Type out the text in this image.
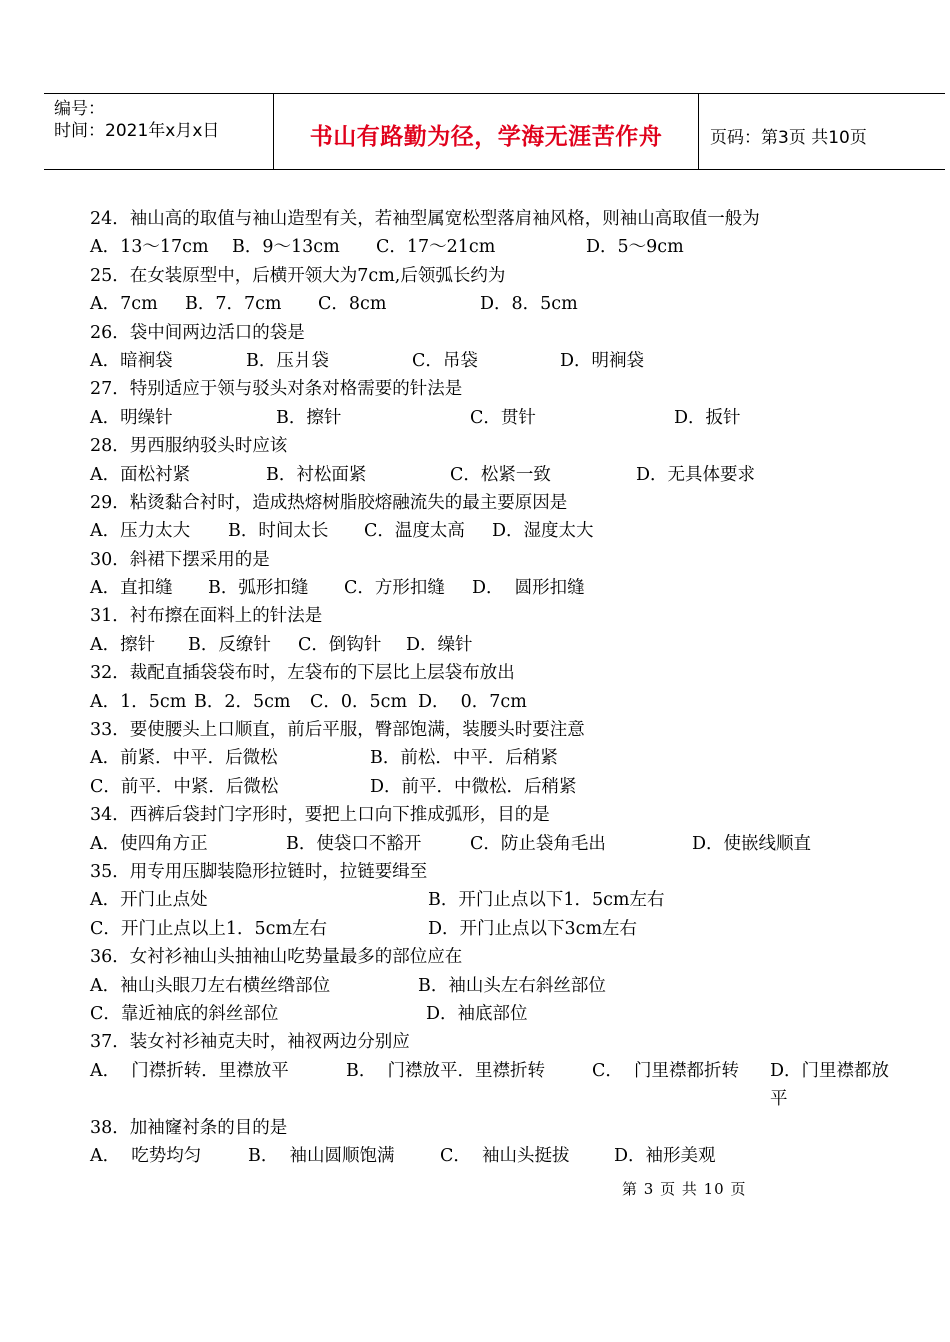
编号：
时间：2021年x月x日	书山有路勤为径，学海无涯苦作舟	页码：第3页 共10页
24．袖山高的取值与袖山造型有关，若袖型属宽松型落肩袖风格，则袖山高取值一般为

A．13～17cm

B．9～13cm

C．17～21cm

	D．5～9cm

25．在女装原型中，后横开领大为7cm,后领弧长约为

A．7cm

B．7．7cm

C．8cm

	D．8．5cm

26．袋中间两边活口的袋是

A．暗裥袋

	B．压爿袋

	C．吊袋

	D．明裥袋

27．特别适应于领与驳头对条对格需要的针法是

A．明缲针

	B．擦针

	C．贯针

	D．扳针

28．男西服纳驳头时应该

A．面松衬紧

	B．衬松面紧

	C．松紧一致

	D．无具体要求

29．粘烫黏合衬时，造成热熔树脂胶熔融流失的最主要原因是

A．压力太大

B．时间太长

C．温度太高

D．湿度太大

30．斜裙下摆采用的是

A．直扣缝

B．弧形扣缝

C．方形扣缝

D．  圆形扣缝

31．衬布擦在面料上的针法是

A．擦针

B．反缭针

C．倒钩针

D．缲针

32．裁配直插袋袋布时，左袋布的下层比上层袋布放出

A．1．5cm

B．2．5cm

C．0．5cm

D．  0．7cm

33．要使腰头上口顺直，前后平服，臀部饱满，装腰头时要注意

A．前紧．中平．后微松

	B．前松．中平．后稍紧

C．前平．中紧．后微松

	D．前平．中微松．后稍紧

34．西裤后袋封门字形时，要把上口向下推成弧形，目的是

A．使四角方正

	B．使袋口不豁开

	C．防止袋角毛出

	D．使嵌线顺直

35．用专用压脚装隐形拉链时，拉链要缉至

A．开门止点处

	B．开门止点以下1．5cm左右

C．开门止点以上1．5cm左右

	D．开门止点以下3cm左右

36．女衬衫袖山头抽袖山吃势量最多的部位应在

A．袖山头眼刀左右横丝绺部位

	B．袖山头左右斜丝部位

C．靠近袖底的斜丝部位

	D．袖底部位

37．装女衬衫袖克夫时，袖衩两边分别应

A．  门襟折转．里襟放平

	B．  门襟放平．里襟折转

	C．  门里襟都折转

D．门里襟都放平

38．加袖窿衬条的目的是

A．  吃势均匀

	B．  袖山圆顺饱满

	C．  袖山头挺拔

	D．袖形美观

第 3 页 共 10 页
